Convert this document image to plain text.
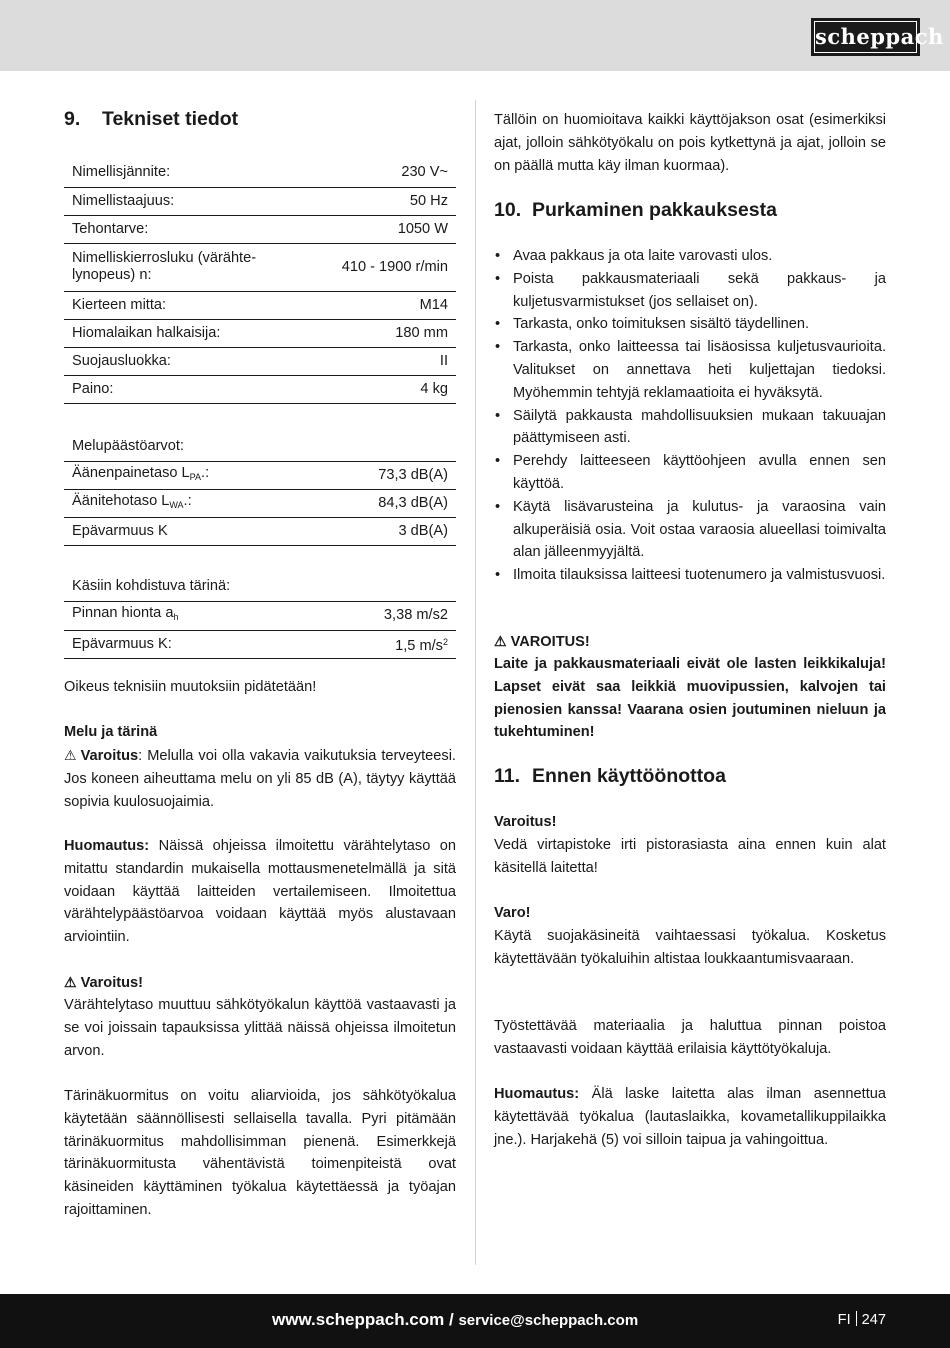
scheppach
9. Tekniset tiedot
Nimellisjännite:	230 V~
Nimellistaajuus:	50 Hz
Tehontarve:	1050 W
Nimelliskierrosluku (värähte-
lynopeus) n:	410 - 1900 r/min
Kierteen mitta:	M14
Hiomalaikan halkaisija:	180 mm
Suojausluokka:	II
Paino:	4 kg
Melupäästöarvot:	
Äänenpainetaso $L_{PA}$.:	73,3 dB(A)
Äänitehotaso $L_{WA}$.:	84,3 dB(A)
Epävarmuus K	3 dB(A)
Käsiin kohdistuva tärinä:	
Pinnan hionta $a_h$	3,38 m/s2
Epävarmuus K:	1,5 $m/s^2$
Oikeus teknisiin muutoksiin pidätetään!
Melu ja tärinä
⚠ Varoitus: Melulla voi olla vakavia vaikutuksia terveyteesi. Jos koneen aiheuttama melu on yli 85 dB (A), täytyy käyttää sopivia kuulosuojaimia.
Huomautus: Näissä ohjeissa ilmoitettu värähtelytaso on mitattu standardin mukaisella mottausmenetelmällä ja sitä voidaan käyttää laitteiden vertailemiseen. Ilmoitettua värähtelypäästöarvoa voidaan käyttää myös alustavaan arviointiin.
⚠ Varoitus!
Värähtelytaso muuttuu sähkötyökalun käyttöä vastaavasti ja se voi joissain tapauksissa ylittää näissä ohjeissa ilmoitetun arvon.
Tärinäkuormitus on voitu aliarvioida, jos sähkötyökalua käytetään säännöllisesti sellaisella tavalla. Pyri pitämään tärinäkuormitus mahdollisimman pienenä. Esimerkkejä tärinäkuormitusta vähentävistä toimenpiteistä ovat käsineiden käyttäminen työkalua käytettäessä ja työajan rajoittaminen.
Tällöin on huomioitava kaikki käyttöjakson osat (esimerkiksi ajat, jolloin sähkötyökalu on pois kytkettynä ja ajat, jolloin se on päällä mutta käy ilman kuormaa).
10. Purkaminen pakkauksesta
• Avaa pakkaus ja ota laite varovasti ulos.
• Poista pakkausmateriaali sekä pakkaus- ja kuljetusvarmistukset (jos sellaiset on).
• Tarkasta, onko toimituksen sisältö täydellinen.
• Tarkasta, onko laitteessa tai lisäosissa kuljetusvaurioita. Valitukset on annettava heti kuljettajan tiedoksi. Myöhemmin tehtyjä reklamaatioita ei hyväksytä.
• Säilytä pakkausta mahdollisuuksien mukaan takuuajan päättymiseen asti.
• Perehdy laitteeseen käyttöohjeen avulla ennen sen käyttöä.
• Käytä lisävarusteina ja kulutus- ja varaosina vain alkuperäisiä osia. Voit ostaa varaosia alueellasi toimivalta alan jälleenmyyjältä.
• Ilmoita tilauksissa laitteesi tuotenumero ja valmistusvuosi.
⚠ VAROITUS!
Laite ja pakkausmateriaali eivät ole lasten leikkikaluja! Lapset eivät saa leikkiä muovipussien, kalvojen tai pienosien kanssa! Vaarana osien joutuminen nieluun ja tukehtuminen!
11. Ennen käyttöönottoa
Varoitus!
Vedä virtapistoke irti pistorasiasta aina ennen kuin alat käsitellä laitetta!
Varo!
Käytä suojakäsineitä vaihtaessasi työkalua. Kosketus käytettävään työkaluihin altistaa loukkaantumisvaaraan.
Työstettävää materiaalia ja haluttua pinnan poistoa vastaavasti voidaan käyttää erilaisia käyttötyökaluja.
Huomautus: Älä laske laitetta alas ilman asennettua käytettävää työkalua (lautaslaikka, kovametallikuppilaikka jne.). Harjakehä (5) voi silloin taipua ja vahingoittua.
www.scheppach.com / service@scheppach.com	FI 247
